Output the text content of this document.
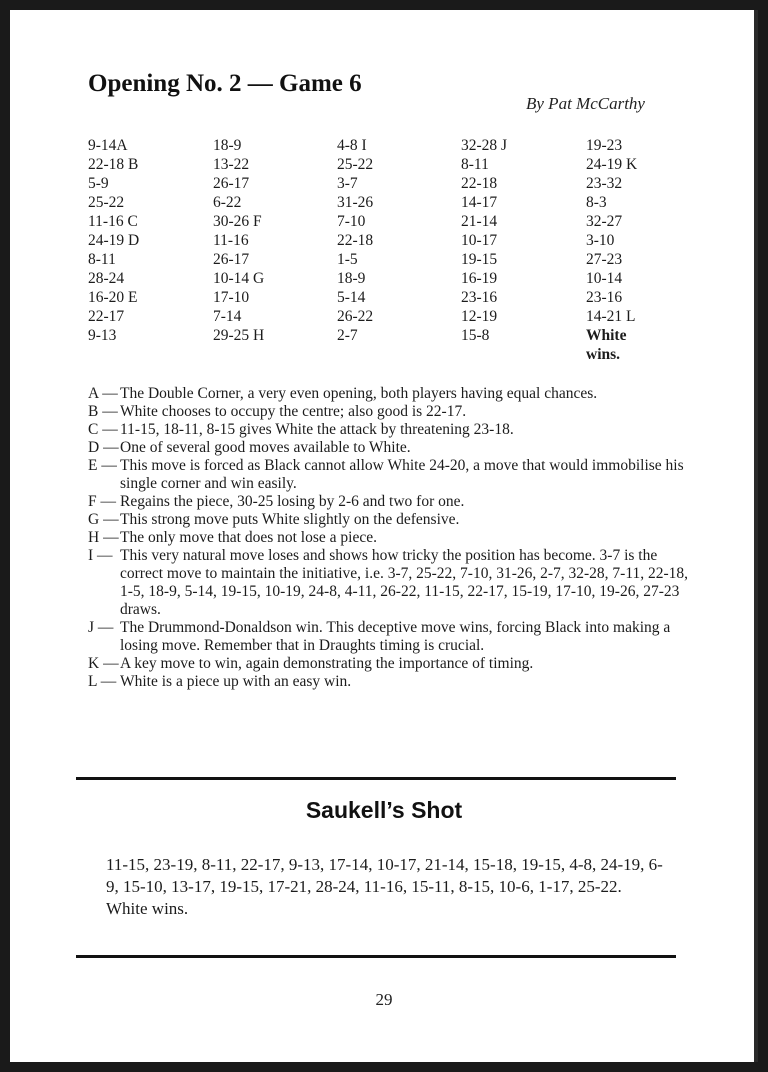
Opening No. 2 — Game 6
By Pat McCarthy
9-14A
22-18 B
5-9
25-22
11-16 C
24-19 D
8-11
28-24
16-20 E
22-17
9-13
18-9
13-22
26-17
6-22
30-26 F
11-16
26-17
10-14 G
17-10
7-14
29-25 H
4-8 I
25-22
3-7
31-26
7-10
22-18
1-5
18-9
5-14
26-22
2-7
32-28 J
8-11
22-18
14-17
21-14
10-17
19-15
16-19
23-16
12-19
15-8
19-23
24-19 K
23-32
8-3
32-27
3-10
27-23
10-14
23-16
14-21 L
White
wins.
A — The Double Corner, a very even opening, both players having equal chances.
B — White chooses to occupy the centre; also good is 22-17.
C — 11-15, 18-11, 8-15 gives White the attack by threatening 23-18.
D — One of several good moves available to White.
E — This move is forced as Black cannot allow White 24-20, a move that would immobilise his single corner and win easily.
F — Regains the piece, 30-25 losing by 2-6 and two for one.
G — This strong move puts White slightly on the defensive.
H — The only move that does not lose a piece.
I — This very natural move loses and shows how tricky the position has become. 3-7 is the correct move to maintain the initiative, i.e. 3-7, 25-22, 7-10, 31-26, 2-7, 32-28, 7-11, 22-18, 1-5, 18-9, 5-14, 19-15, 10-19, 24-8, 4-11, 26-22, 11-15, 22-17, 15-19, 17-10, 19-26, 27-23 draws.
J — The Drummond-Donaldson win. This deceptive move wins, forcing Black into making a losing move. Remember that in Draughts timing is crucial.
K — A key move to win, again demonstrating the importance of timing.
L — White is a piece up with an easy win.
Saukell’s Shot
11-15, 23-19, 8-11, 22-17, 9-13, 17-14, 10-17, 21-14, 15-18, 19-15, 4-8, 24-19, 6-9, 15-10, 13-17, 19-15, 17-21, 28-24, 11-16, 15-11, 8-15, 10-6, 1-17, 25-22. White wins.
29
